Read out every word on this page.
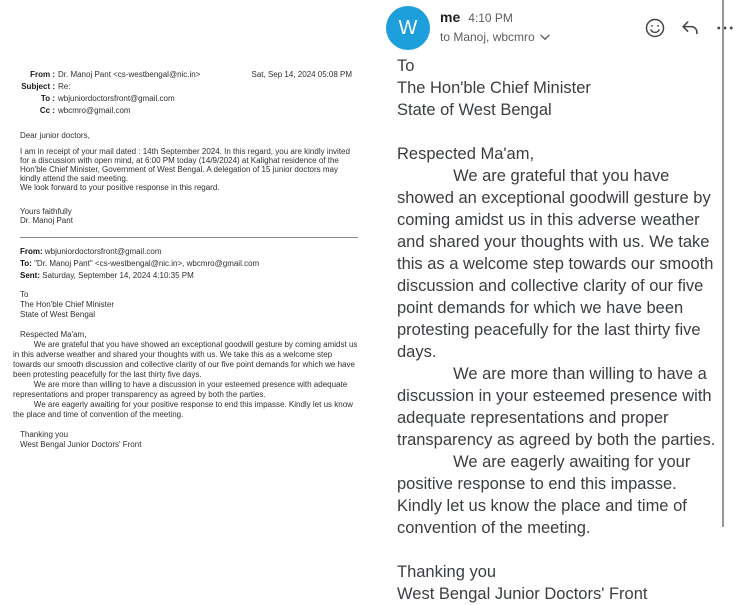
From : Dr. Manoj Pant <cs-westbengal@nic.in>
Subject : Re:
To : wbjuniordoctorsfront@gmail.com
Cc : wbcmro@gmail.com
Sat, Sep 14, 2024 05:08 PM
Dear junior doctors,
I am in receipt of your mail dated : 14th September 2024. In this regard, you are kindly invited for a discussion with open mind, at 6:00 PM today (14/9/2024) at Kalighat residence of the Hon'ble Chief Minister, Government of West Bengal. A delegation of 15 junior doctors may kindly attend the said meeting.
We look forward to your positive response in this regard.
Yours faithfully
Dr. Manoj Pant
From: wbjuniordoctorsfront@gmail.com
To: "Dr. Manoj Pant" <cs-westbengal@nic.in>, wbcmro@gmail.com
Sent: Saturday, September 14, 2024 4:10:35 PM
To
The Hon'ble Chief Minister
State of West Bengal
Respected Ma'am,

We are grateful that you have showed an exceptional goodwill gesture by coming amidst us in this adverse weather and shared your thoughts with us. We take this as a welcome step towards our smooth discussion and collective clarity of our five point demands for which we have been protesting peacefully for the last thirty five days.

We are more than willing to have a discussion in your esteemed presence with adequate representations and proper transparency as agreed by both the parties.

We are eagerly awaiting for your positive response to end this impasse. Kindly let us know the place and time of convention of the meeting.

Thanking you
West Bengal Junior Doctors' Front
W	me 4:10 PM
to Manoj, wbcmro
To
The Hon'ble Chief Minister
State of West Bengal
Respected Ma'am,

We are grateful that you have showed an exceptional goodwill gesture by coming amidst us in this adverse weather and shared your thoughts with us. We take this as a welcome step towards our smooth discussion and collective clarity of our five point demands for which we have been protesting peacefully for the last thirty five days.

We are more than willing to have a discussion in your esteemed presence with adequate representations and proper transparency as agreed by both the parties.

We are eagerly awaiting for your positive response to end this impasse. Kindly let us know the place and time of convention of the meeting.

Thanking you
West Bengal Junior Doctors' Front
